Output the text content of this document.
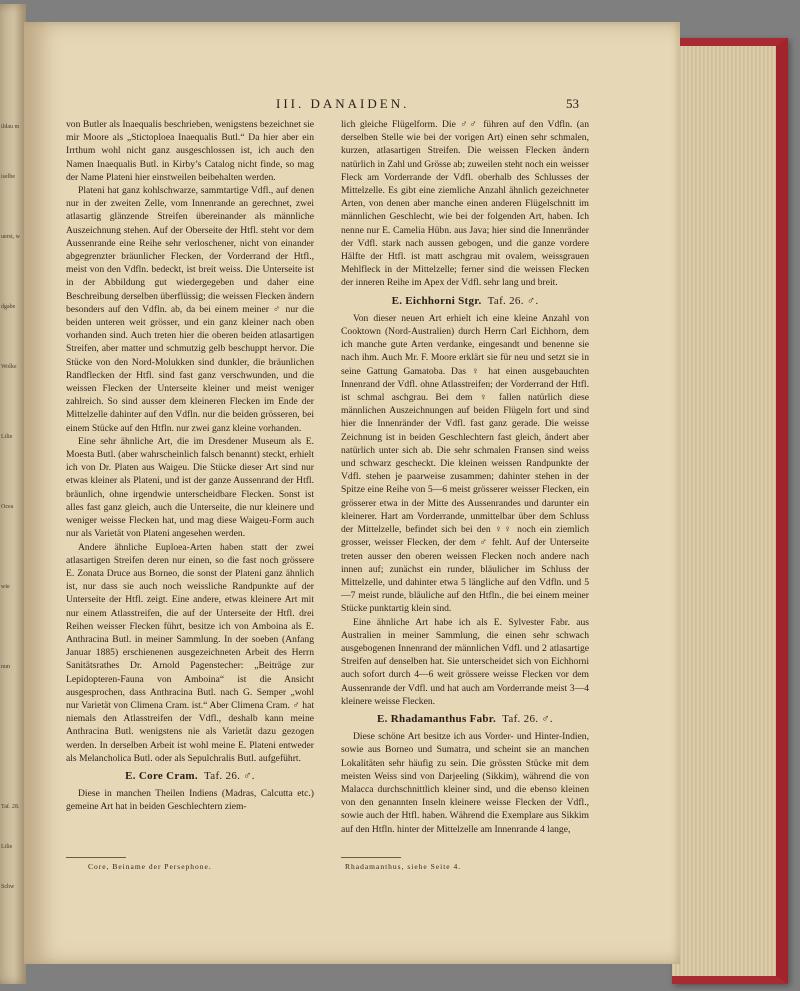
ildau m
iselbe
uerst, w
dgabe
Wolke
Lilie
Ocea
wie
nun
Taf. 28.
Lilie
Schw
III. DANAIDEN.	53

von Butler als Inaequalis beschrieben, wenigstens bezeichnet sie mir Moore als „Stictoploea Inaequalis Butl.“ Da hier aber ein Irrthum wohl nicht ganz ausgeschlossen ist, ich auch den Namen Inaequalis Butl. in Kirby’s Catalog nicht finde, so mag der Name Plateni hier einstweilen beibehalten werden.

Plateni hat ganz kohlschwarze, sammtartige Vdfl., auf denen nur in der zweiten Zelle, vom Innenrande an gerechnet, zwei atlasartig glänzende Streifen übereinander als männliche Auszeichnung stehen. Auf der Oberseite der Htfl. steht vor dem Aussenrande eine Reihe sehr verloschener, nicht von einander abgegrenzter bräunlicher Flecken, der Vorderrand der Htfl., meist von den Vdfln. bedeckt, ist breit weiss. Die Unterseite ist in der Abbildung gut wiedergegeben und daher eine Beschreibung derselben überflüssig; die weissen Flecken ändern besonders auf den Vdfln. ab, da bei einem meiner ♂ nur die beiden unteren weit grösser, und ein ganz kleiner nach oben vorhanden sind. Auch treten hier die oberen beiden atlasartigen Streifen, aber matter und schmutzig gelb beschuppt hervor. Die Stücke von den Nord-Molukken sind dunkler, die bräunlichen Randflecken der Htfl. sind fast ganz verschwunden, und die weissen Flecken der Unterseite kleiner und meist weniger zahlreich. So sind ausser dem kleineren Flecken im Ende der Mittelzelle dahinter auf den Vdfln. nur die beiden grösseren, bei einem Stücke auf den Htfln. nur zwei ganz kleine vorhanden.

Eine sehr ähnliche Art, die im Dresdener Museum als E. Moesta Butl. (aber wahrscheinlich falsch benannt) steckt, erhielt ich von Dr. Platen aus Waigeu. Die Stücke dieser Art sind nur etwas kleiner als Plateni, und ist der ganze Aussenrand der Htfl. bräunlich, ohne irgendwie unterscheidbare Flecken. Sonst ist alles fast ganz gleich, auch die Unterseite, die nur kleinere und weniger weisse Flecken hat, und mag diese Waigeu-Form auch nur als Varietät von Plateni angesehen werden.

Andere ähnliche Euploea-Arten haben statt der zwei atlasartigen Streifen deren nur einen, so die fast noch grössere E. Zonata Druce aus Borneo, die sonst der Plateni ganz ähnlich ist, nur dass sie auch noch weissliche Randpunkte auf der Unterseite der Htfl. zeigt. Eine andere, etwas kleinere Art mit nur einem Atlasstreifen, die auf der Unterseite der Htfl. drei Reihen weisser Flecken führt, besitze ich von Amboina als E. Anthracina Butl. in meiner Sammlung. In der soeben (Anfang Januar 1885) erschienenen ausgezeichneten Arbeit des Herrn Sanitätsrathes Dr. Arnold Pagenstecher: „Beiträge zur Lepidopteren-Fauna von Amboina“ ist die Ansicht ausgesprochen, dass Anthracina Butl. nach G. Semper „wohl nur Varietät von Climena Cram. ist.“ Aber Climena Cram. ♂ hat niemals den Atlasstreifen der Vdfl., deshalb kann meine Anthracina Butl. wenigstens nie als Varietät dazu gezogen werden. In derselben Arbeit ist wohl meine E. Plateni entweder als Melancholica Butl. oder als Sepulchralis Butl. aufgeführt.

E. Core Cram. Taf. 26. ♂.

Diese in manchen Theilen Indiens (Madras, Calcutta etc.) gemeine Art hat in beiden Geschlechtern ziem-

lich gleiche Flügelform. Die ♂♂ führen auf den Vdfln. (an derselben Stelle wie bei der vorigen Art) einen sehr schmalen, kurzen, atlasartigen Streifen. Die weissen Flecken ändern natürlich in Zahl und Grösse ab; zuweilen steht noch ein weisser Fleck am Vorderrande der Vdfl. oberhalb des Schlusses der Mittelzelle. Es gibt eine ziemliche Anzahl ähnlich gezeichneter Arten, von denen aber manche einen anderen Flügelschnitt im männlichen Geschlecht, wie bei der folgenden Art, haben. Ich nenne nur E. Camelia Hübn. aus Java; hier sind die Innenränder der Vdfl. stark nach aussen gebogen, und die ganze vordere Hälfte der Htfl. ist matt aschgrau mit ovalem, weissgrauen Mehlfleck in der Mittelzelle; ferner sind die weissen Flecken der inneren Reihe im Apex der Vdfl. sehr lang und breit.

E. Eichhorni Stgr. Taf. 26. ♂.

Von dieser neuen Art erhielt ich eine kleine Anzahl von Cooktown (Nord-Australien) durch Herrn Carl Eichhorn, dem ich manche gute Arten verdanke, eingesandt und benenne sie nach ihm. Auch Mr. F. Moore erklärt sie für neu und setzt sie in seine Gattung Gamatoba. Das ♀ hat einen ausgebauchten Innenrand der Vdfl. ohne Atlasstreifen; der Vorderrand der Htfl. ist schmal aschgrau. Bei dem ♀ fallen natürlich diese männlichen Auszeichnungen auf beiden Flügeln fort und sind hier die Innenränder der Vdfl. fast ganz gerade. Die weisse Zeichnung ist in beiden Geschlechtern fast gleich, ändert aber natürlich unter sich ab. Die sehr schmalen Fransen sind weiss und schwarz gescheckt. Die kleinen weissen Randpunkte der Vdfl. stehen je paarweise zusammen; dahinter stehen in der Spitze eine Reihe von 5—6 meist grösserer weisser Flecken, ein grösserer etwa in der Mitte des Aussenrandes und darunter ein kleinerer. Hart am Vorderrande, unmittelbar über dem Schluss der Mittelzelle, befindet sich bei den ♀♀ noch ein ziemlich grosser, weisser Flecken, der dem ♂ fehlt. Auf der Unterseite treten ausser den oberen weissen Flecken noch andere nach innen auf; zunächst ein runder, bläulicher im Schluss der Mittelzelle, und dahinter etwa 5 längliche auf den Vdfln. und 5—7 meist runde, bläuliche auf den Htfln., die bei einem meiner Stücke punktartig klein sind.

Eine ähnliche Art habe ich als E. Sylvester Fabr. aus Australien in meiner Sammlung, die einen sehr schwach ausgebogenen Innenrand der männlichen Vdfl. und 2 atlasartige Streifen auf denselben hat. Sie unterscheidet sich von Eichhorni auch sofort durch 4—6 weit grössere weisse Flecken vor dem Aussenrande der Vdfl. und hat auch am Vorderrande meist 3—4 kleinere weisse Flecken.

E. Rhadamanthus Fabr. Taf. 26. ♂.

Diese schöne Art besitze ich aus Vorder- und Hinter-Indien, sowie aus Borneo und Sumatra, und scheint sie an manchen Lokalitäten sehr häufig zu sein. Die grössten Stücke mit dem meisten Weiss sind von Darjeeling (Sikkim), während die von Malacca durchschnittlich kleiner sind, und die ebenso kleinen von den genannten Inseln kleinere weisse Flecken der Vdfl., sowie auch der Htfl. haben. Während die Exemplare aus Sikkim auf den Htfln. hinter der Mittelzelle am Innenrande 4 lange,

Core, Beiname der Persephone.	Rhadamanthus, siehe Seite 4.
